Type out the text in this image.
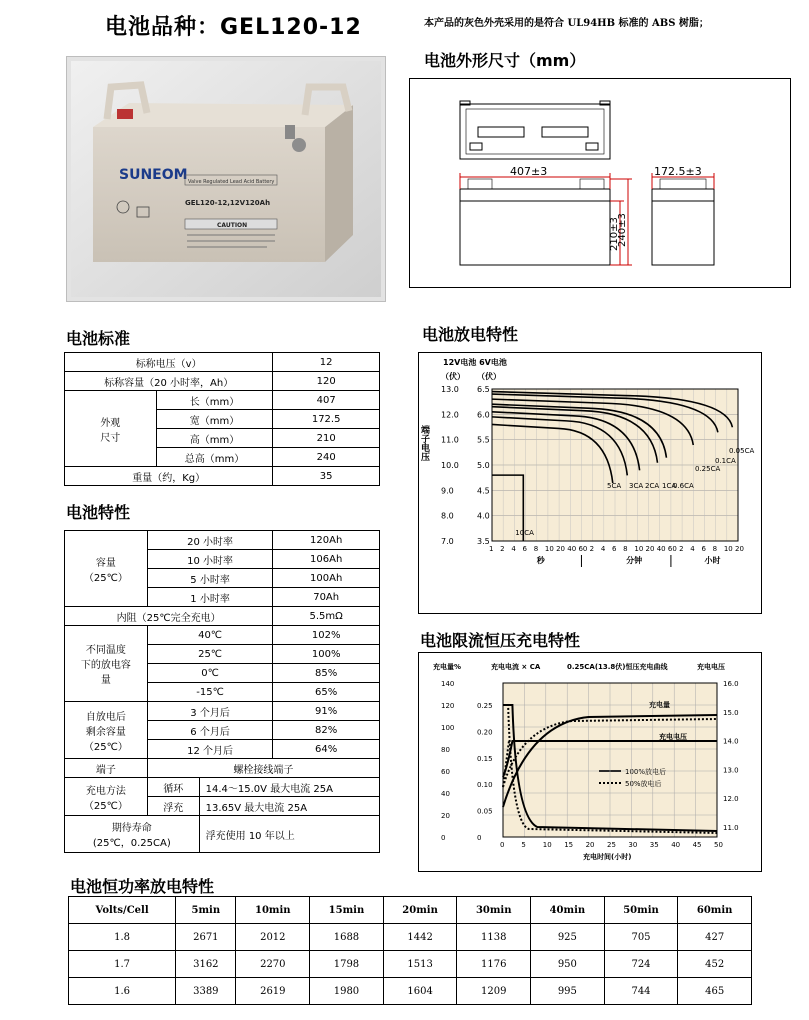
电池品种：GEL120-12	本产品的灰色外壳采用的是符合 UL94HB 标准的 ABS 树脂；
SUNEOM Valve Regulated Lead Acid Battery
GEL120-12,12V120Ah
CAUTION
电池外形尺寸（mm）
407±3	172.5±3
210±3
240±3
电池标准
标称电压（v）		12
标称容量（20 小时率，Ah）		120
外观
尺寸	长（mm）	407
	宽（mm）	172.5
	高（mm）	210
	总高（mm）	240
重量（约，Kg）		35
电池特性
容量
（25℃）	20 小时率		120Ah
	10 小时率		106Ah
	5 小时率		100Ah
	1 小时率		70Ah
内阻（25℃完全充电）			5.5mΩ
不同温度
下的放电容
量	40℃		102%
	25℃		100%
	0℃		85%
	-15℃		65%
自放电后
剩余容量
（25℃）	3 个月后		91%
	6 个月后		82%
	12 个月后		64%
端子	螺栓接线端子		
充电方法
（25℃）	循环	14.4～15.0V 最大电流 25A	
	浮充	13.65V 最大电流 25A	
期待寿命
(25℃，0.25CA)		浮充使用 10 年以上	
电池放电特性
12V电池 6V电池
（伏） （伏）
端子电压	0.05CA
0.1CA
0.25CA
0.6CA
1CA
2CA
3CA
5CA
10CA
13.0 6.5
12.0 6.0
11.0 5.5
10.0 5.0
9.0	4.5
8.0	4.0
7.0	3.5
1 2 4 6 8 10 20 40 60 2 4 6 8 10 20 40 60 2 4 6 8 10 20
秒	分钟	小时
电池限流恒压充电特性
充电量%	充电电流 × CA	0.25CA(13.8伏)恒压充电曲线	充电电压
充电时间(小时)
充电量
充电电压
100%放电后
50%放电后
0 5 10 15 20 25 30 35 40 45 50
140
120
100
80
60
40
20
0
0.25
0.20
0.15
0.10
0.05
0
16.0
15.0
14.0
13.0
12.0
11.0
电池恒功率放电特性
Volts/Cell	5min	10min	15min	20min	30min	40min	50min	60min
1.8	2671	2012	1688	1442	1138	925	705	427
1.7	3162	2270	1798	1513	1176	950	724	452
1.6	3389	2619	1980	1604	1209	995	744	465
